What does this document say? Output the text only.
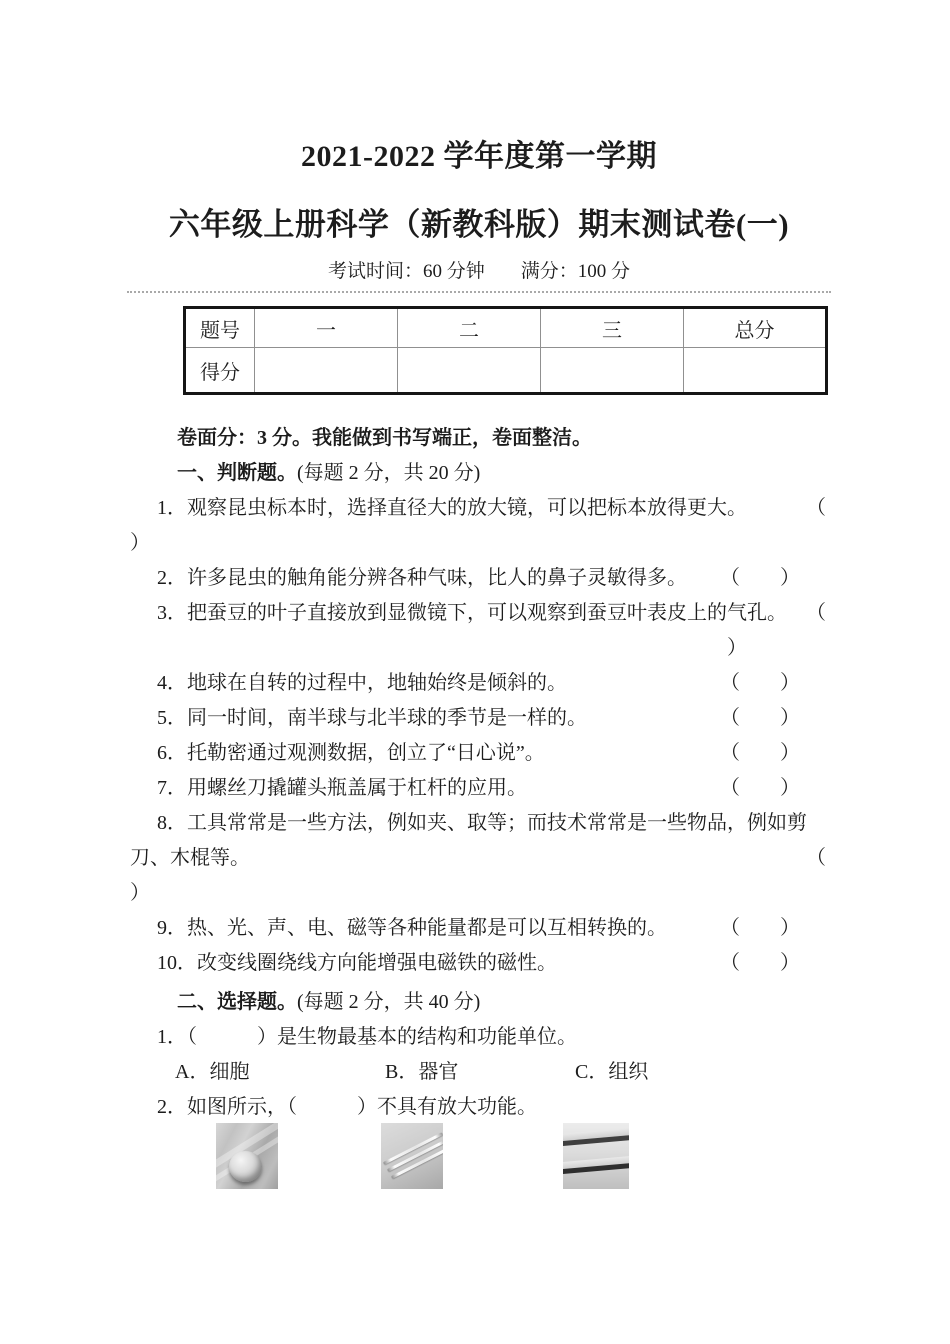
2021-2022 学年度第一学期
六年级上册科学（新教科版）期末测试卷(一)
考试时间：60 分钟 满分：100 分
题号	一	二	三	总分
得分				
卷面分：3 分。我能做到书写端正，卷面整洁。
一、判断题。 (每题 2 分，共 20 分)
1．观察昆虫标本时，选择直径大的放大镜，可以把标本放得更大。	（
）
2．许多昆虫的触角能分辨各种气味，比人的鼻子灵敏得多。 （　　）
3．把蚕豆的叶子直接放到显微镜下，可以观察到蚕豆叶表皮上的气孔。 （
）
4．地球在自转的过程中，地轴始终是倾斜的。	（　　）
5．同一时间，南半球与北半球的季节是一样的。	（　　）
6．托勒密通过观测数据，创立了“日心说”。	（　　）
7．用螺丝刀撬罐头瓶盖属于杠杆的应用。	（　　）
8．工具常常是一些方法，例如夹、取等；而技术常常是一些物品，例如剪
刀、木棍等。	（
）
9．热、光、声、电、磁等各种能量都是可以互相转换的。	（　　）
10．改变线圈绕线方向能增强电磁铁的磁性。	（　　）
二、选择题。 (每题 2 分，共 40 分)
1．（　　　）是生物最基本的结构和功能单位。
A．细胞	B．器官	C．组织
2．如图所示，（　　　）不具有放大功能。
